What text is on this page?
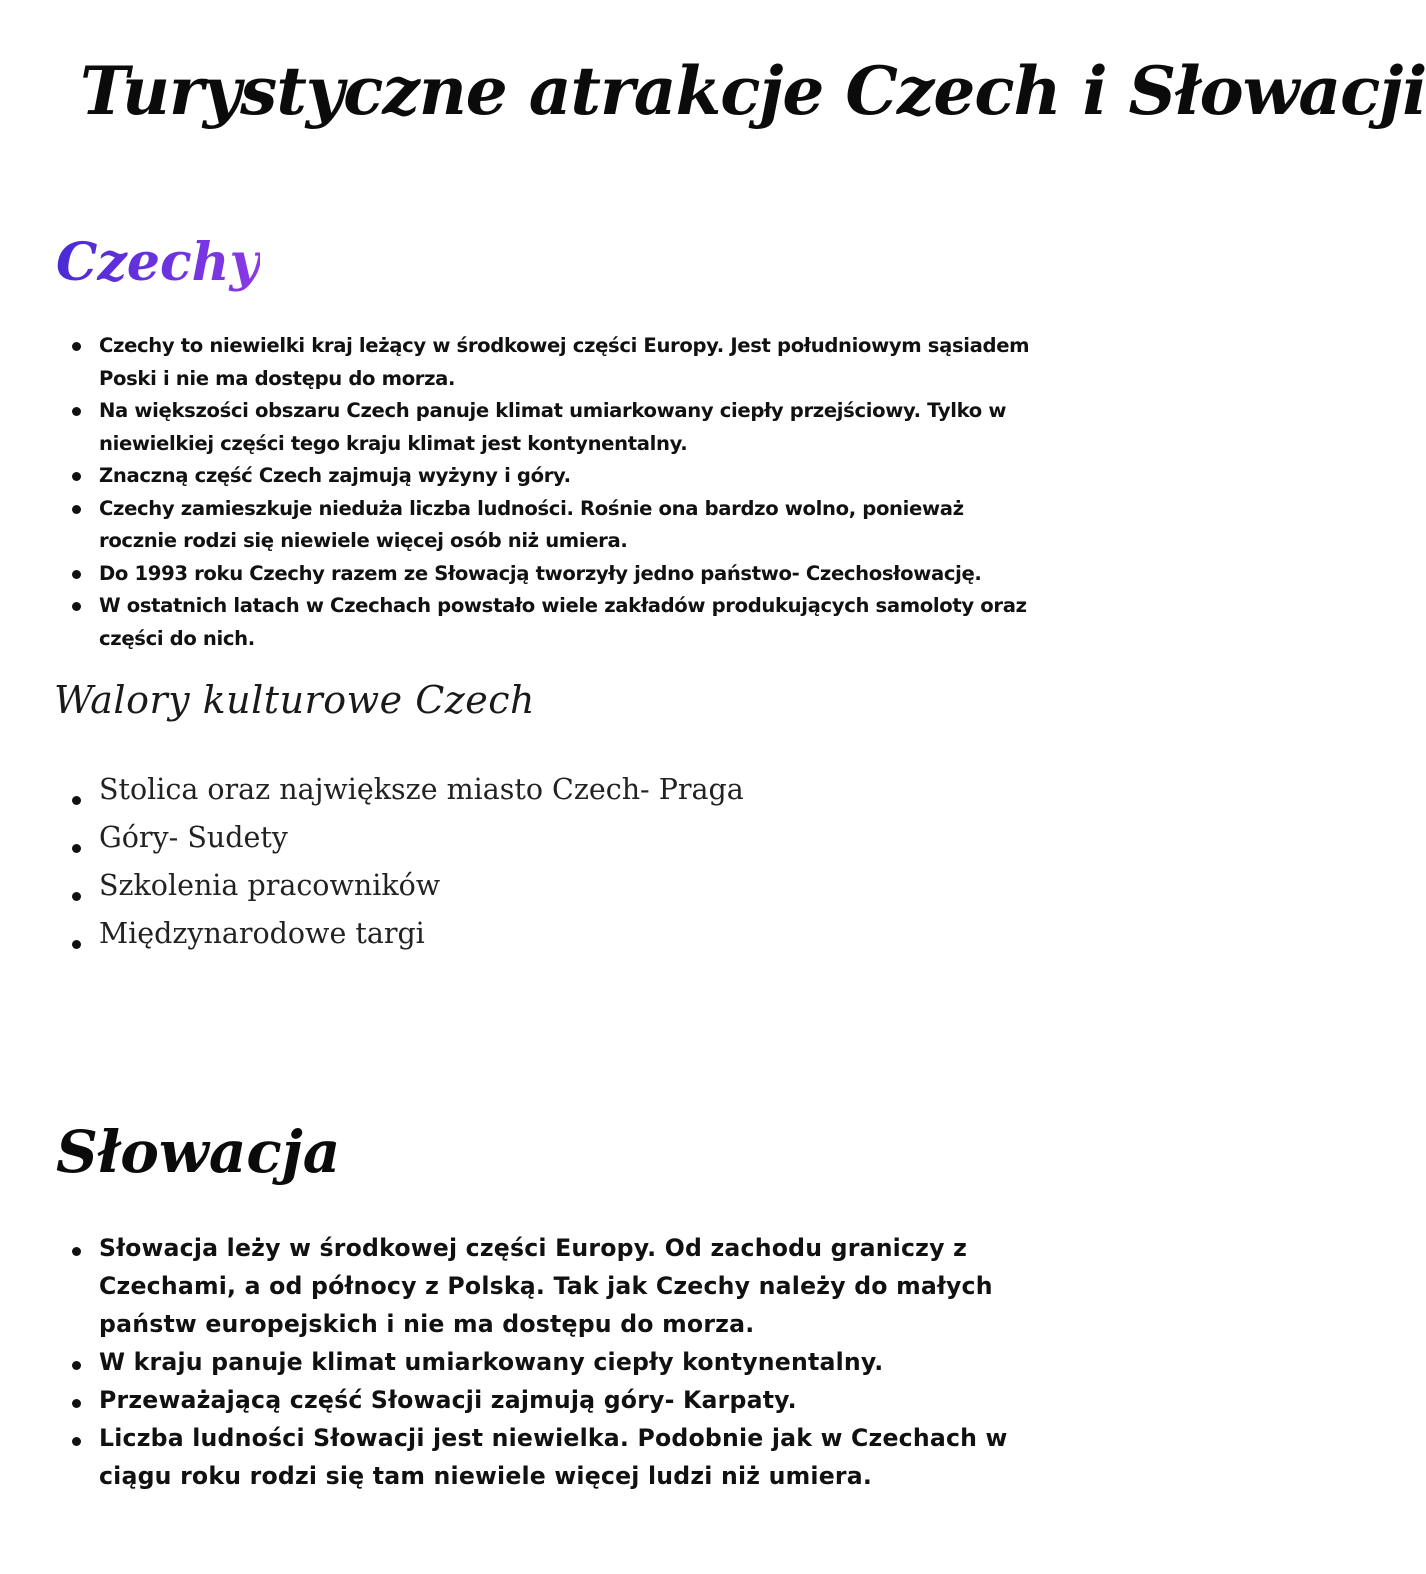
Turystyczne atrakcje Czech i Słowacji
Czechy
Czechy to niewielki kraj leżący w środkowej części Europy. Jest południowym sąsiadem Poski i nie ma dostępu do morza.
Na większości obszaru Czech panuje klimat umiarkowany ciepły przejściowy. Tylko w niewielkiej części tego kraju klimat jest kontynentalny.
Znaczną część Czech zajmują wyżyny i góry.
Czechy zamieszkuje nieduża liczba ludności. Rośnie ona bardzo wolno, ponieważ rocznie rodzi się niewiele więcej osób niż umiera.
Do 1993 roku Czechy razem ze Słowacją tworzyły jedno państwo- Czechosłowację.
W ostatnich latach w Czechach powstało wiele zakładów produkujących samoloty oraz części do nich.
Walory kulturowe Czech
Stolica oraz największe miasto Czech- Praga
Góry- Sudety
Szkolenia pracowników
Międzynarodowe targi
Słowacja
Słowacja leży w środkowej części Europy. Od zachodu graniczy z Czechami, a od północy z Polską. Tak jak Czechy należy do małych państw europejskich i nie ma dostępu do morza.
W kraju panuje klimat umiarkowany ciepły kontynentalny.
Przeważającą część Słowacji zajmują góry- Karpaty.
Liczba ludności Słowacji jest niewielka. Podobnie jak w Czechach w ciągu roku rodzi się tam niewiele więcej ludzi niż umiera.
